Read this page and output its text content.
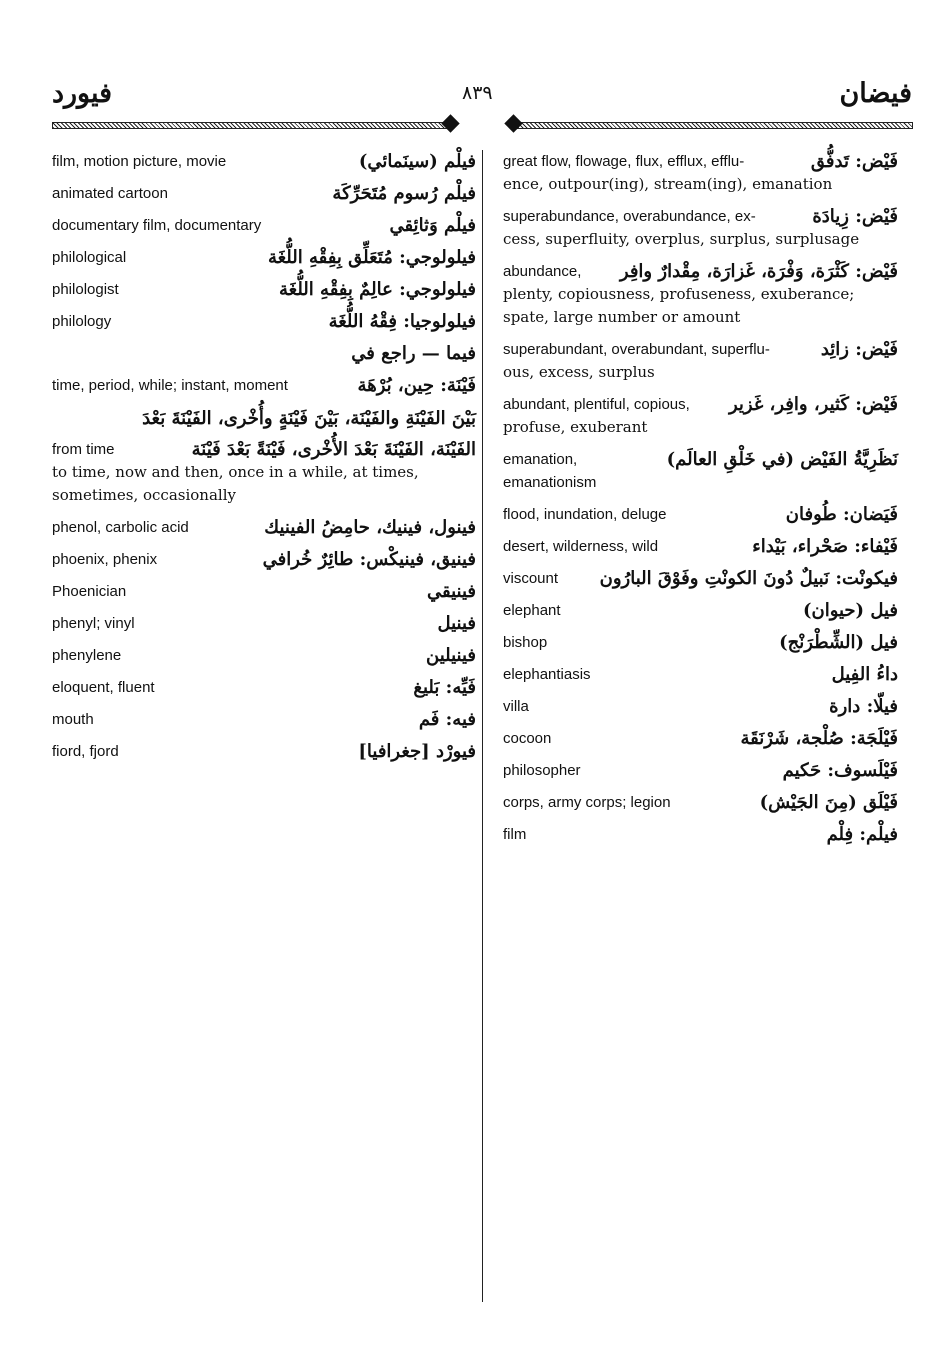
فيورد	٨٣٩	فيضان
فيلْم (سينَمائي)
film, motion picture, movie
فيلْم رُسوم مُتَحَرِّكَة
animated cartoon
فيلْم وَثائِقي
documentary film, documentary
فيلولوجي: مُتَعَلِّق بِفِقْهِ اللُّغَة
philological
فيلولوجي: عالِمٌ بِفِقْهِ اللُّغَة
philologist
فيلولوجيا: فِقْهُ اللُّغَة
philology
فيما — راجع في
فَيْنَة: حِين، بُرْهَة
time, period, while; instant, moment
بَيْنَ الفَيْنَةِ والفَيْنَة، بَيْنَ فَيْنَةٍ وأُخْرى، الفَيْنَةَ بَعْدَ
الفَيْنَة، الفَيْنَةَ بَعْدَ الأُخْرى، فَيْنَةً بَعْدَ فَيْنَة
from time
to time, now and then, once in a while, at times, sometimes, occasionally
فينول، فينيك، حامِضُ الفينيك
phenol, carbolic acid
فينيق، فينيكْس: طائِرٌ خُرافي
phoenix, phenix
فينيقي
Phoenician
فينيل
phenyl; vinyl
فينيلين
phenylene
فَيِّه: بَليغ
eloquent, fluent
فيه: فَم
mouth
فيورْد [جغرافيا]
fiord, fjord
فَيْض: تَدفُّق
great flow, flowage, flux, efflux, efflu-
ence, outpour(ing), stream(ing), emanation
فَيْض: زِيادَة
superabundance, overabundance, ex-
cess, superfluity, overplus, surplus, surplusage
فَيْض: كَثْرَة، وَفْرَة، غَزارَة، مِقْدارٌ وافِر
abundance,
plenty, copiousness, profuseness, exuberance; spate, large number or amount
فَيْض: زائِد
superabundant, overabundant, superflu-
ous, excess, surplus
فَيْض: كَثير، وافِر، غَزير
abundant, plentiful, copious,
profuse, exuberant
نَظَرِيَّةُ الفَيْض (في خَلْقِ العالَم)
emanation, emanationism
فَيَضان: طُوفان
flood, inundation, deluge
فَيْفاء: صَحْراء، بَيْداء
desert, wilderness, wild
فيكونْت: نَبيلٌ دُونَ الكونْتِ وفَوْقَ البارُون
viscount
فيل (حيوان)
elephant
فيل (الشِّطْرَنْج)
bishop
داءُ الفِيل
elephantiasis
فيلّا: دارة
villa
فَيْلَجَة: صُلْجة، شَرْنَقَة
cocoon
فَيْلَسوف: حَكيم
philosopher
فَيْلَق (مِنَ الجَيْش)
corps, army corps; legion
فيلْم: فِلْم
film
